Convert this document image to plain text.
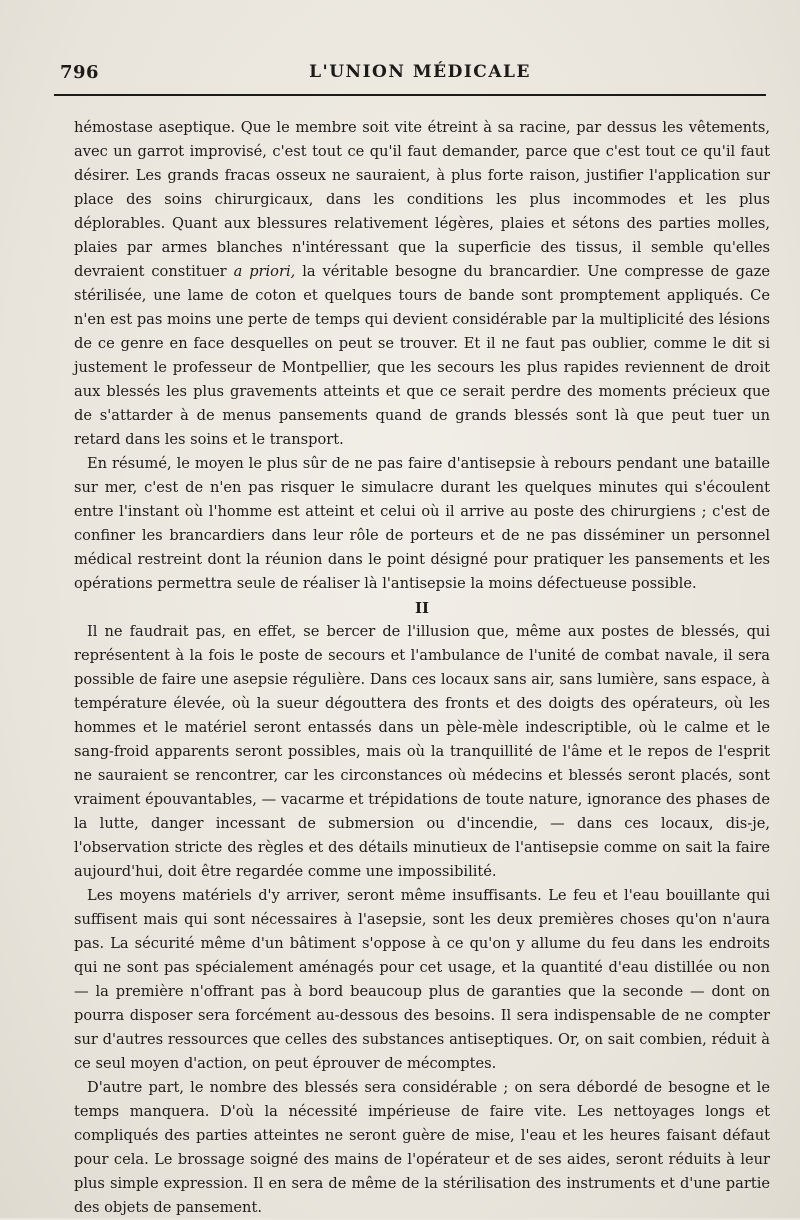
796	L'UNION MÉDICALE

hémostase aseptique. Que le membre soit vite étreint à sa racine, par dessus les vêtements, avec un garrot improvisé, c'est tout ce qu'il faut demander, parce que c'est tout ce qu'il faut désirer. Les grands fracas osseux ne sauraient, à plus forte raison, justifier l'application sur place des soins chirurgicaux, dans les conditions les plus incommodes et les plus déplorables. Quant aux blessures relativement légères, plaies et sétons des parties molles, plaies par armes blanches n'intéressant que la superficie des tissus, il semble qu'elles devraient constituer a priori, la véritable besogne du brancardier. Une compresse de gaze stérilisée, une lame de coton et quelques tours de bande sont promptement appliqués. Ce n'en est pas moins une perte de temps qui devient considérable par la multiplicité des lésions de ce genre en face desquelles on peut se trouver. Et il ne faut pas oublier, comme le dit si justement le professeur de Montpellier, que les secours les plus rapides reviennent de droit aux blessés les plus gravements atteints et que ce serait perdre des moments précieux que de s'attarder à de menus pansements quand de grands blessés sont là que peut tuer un retard dans les soins et le transport.

En résumé, le moyen le plus sûr de ne pas faire d'antisepsie à rebours pendant une bataille sur mer, c'est de n'en pas risquer le simulacre durant les quelques minutes qui s'écoulent entre l'instant où l'homme est atteint et celui où il arrive au poste des chirurgiens ; c'est de confiner les brancardiers dans leur rôle de porteurs et de ne pas disséminer un personnel médical restreint dont la réunion dans le point désigné pour pratiquer les pansements et les opérations permettra seule de réaliser là l'antisepsie la moins défectueuse possible.

II

Il ne faudrait pas, en effet, se bercer de l'illusion que, même aux postes de blessés, qui représentent à la fois le poste de secours et l'ambulance de l'unité de combat navale, il sera possible de faire une asepsie régulière. Dans ces locaux sans air, sans lumière, sans espace, à température élevée, où la sueur dégouttera des fronts et des doigts des opérateurs, où les hommes et le matériel seront entassés dans un pèle-mèle indescriptible, où le calme et le sang-froid apparents seront possibles, mais où la tranquillité de l'âme et le repos de l'esprit ne sauraient se rencontrer, car les circonstances où médecins et blessés seront placés, sont vraiment épouvantables, — vacarme et trépidations de toute nature, ignorance des phases de la lutte, danger incessant de submersion ou d'incendie, — dans ces locaux, dis-je, l'observation stricte des règles et des détails minutieux de l'antisepsie comme on sait la faire aujourd'hui, doit être regardée comme une impossibilité.

Les moyens matériels d'y arriver, seront même insuffisants. Le feu et l'eau bouillante qui suffisent mais qui sont nécessaires à l'asepsie, sont les deux premières choses qu'on n'aura pas. La sécurité même d'un bâtiment s'oppose à ce qu'on y allume du feu dans les endroits qui ne sont pas spécialement aménagés pour cet usage, et la quantité d'eau distillée ou non — la première n'offrant pas à bord beaucoup plus de garanties que la seconde — dont on pourra disposer sera forcément au-dessous des besoins. Il sera indispensable de ne compter sur d'autres ressources que celles des substances antiseptiques. Or, on sait combien, réduit à ce seul moyen d'action, on peut éprouver de mécomptes.

D'autre part, le nombre des blessés sera considérable ; on sera débordé de besogne et le temps manquera. D'où la nécessité impérieuse de faire vite. Les nettoyages longs et compliqués des parties atteintes ne seront guère de mise, l'eau et les heures faisant défaut pour cela. Le brossage soigné des mains de l'opérateur et de ses aides, seront réduits à leur plus simple expression. Il en sera de même de la stérilisation des instruments et d'une partie des objets de pansement.
